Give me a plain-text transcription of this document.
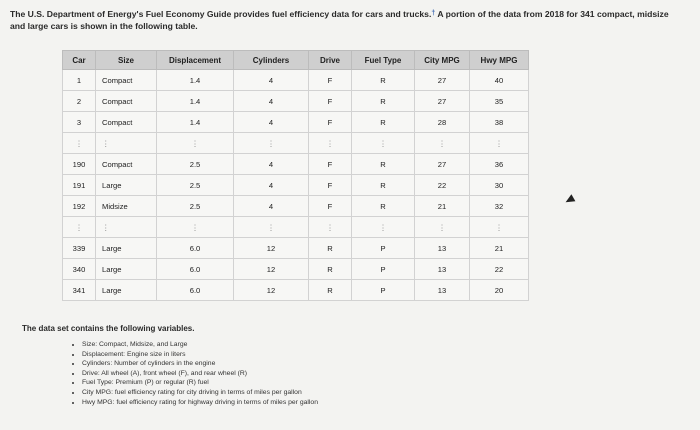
The U.S. Department of Energy's Fuel Economy Guide provides fuel efficiency data for cars and trucks.† A portion of the data from 2018 for 341 compact, midsize
and large cars is shown in the following table.
Car	Size	Displacement	Cylinders	Drive	Fuel Type	City MPG	Hwy MPG
1	Compact	1.4	4	F	R	27	40
2	Compact	1.4	4	F	R	27	35
3	Compact	1.4	4	F	R	28	38
⋮	⋮	⋮	⋮	⋮	⋮	⋮	⋮
190	Compact	2.5	4	F	R	27	36
191	Large	2.5	4	F	R	22	30
192	Midsize	2.5	4	F	R	21	32
⋮	⋮	⋮	⋮	⋮	⋮	⋮	⋮
339	Large	6.0	12	R	P	13	21
340	Large	6.0	12	R	P	13	22
341	Large	6.0	12	R	P	13	20
The data set contains the following variables.
• Size: Compact, Midsize, and Large
• Displacement: Engine size in liters
• Cylinders: Number of cylinders in the engine
• Drive: All wheel (A), front wheel (F), and rear wheel (R)
• Fuel Type: Premium (P) or regular (R) fuel
• City MPG: fuel efficiency rating for city driving in terms of miles per gallon
• Hwy MPG: fuel efficiency rating for highway driving in terms of miles per gallon
